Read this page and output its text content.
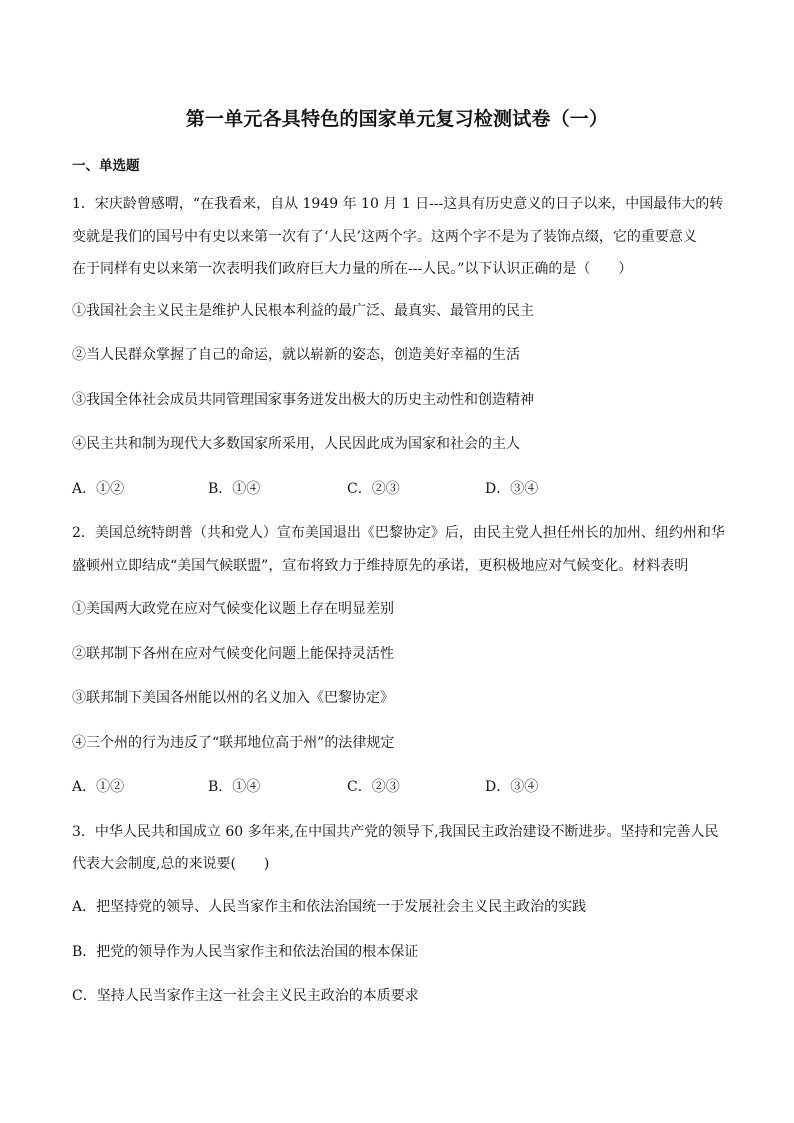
第一单元各具特色的国家单元复习检测试卷（一）
一、单选题
1．宋庆龄曾感喟，“在我看来，自从 1949 年 10 月 1 日---这具有历史意义的日子以来，中国最伟大的转
变就是我们的国号中有史以来第一次有了‘人民’这两个字。这两个字不是为了装饰点缀，它的重要意义
在于同样有史以来第一次表明我们政府巨大力量的所在---人民。”以下认识正确的是（　　）
①我国社会主义民主是维护人民根本利益的最广泛、最真实、最管用的民主
②当人民群众掌握了自己的命运，就以崭新的姿态，创造美好幸福的生活
③我国全体社会成员共同管理国家事务迸发出极大的历史主动性和创造精神
④民主共和制为现代大多数国家所采用，人民因此成为国家和社会的主人
A．①②	B．①④	C．②③	D．③④
2．美国总统特朗普（共和党人）宣布美国退出《巴黎协定》后，由民主党人担任州长的加州、纽约州和华
盛顿州立即结成“美国气候联盟”，宣布将致力于维持原先的承诺，更积极地应对气候变化。材料表明
①美国两大政党在应对气候变化议题上存在明显差别
②联邦制下各州在应对气候变化问题上能保持灵活性
③联邦制下美国各州能以州的名义加入《巴黎协定》
④三个州的行为违反了“联邦地位高于州”的法律规定
A．①②	B．①④	C．②③	D．③④
3．中华人民共和国成立 60 多年来,在中国共产党的领导下,我国民主政治建设不断进步。坚持和完善人民
代表大会制度,总的来说要(　　)
A．把坚持党的领导、人民当家作主和依法治国统一于发展社会主义民主政治的实践
B．把党的领导作为人民当家作主和依法治国的根本保证
C．坚持人民当家作主这一社会主义民主政治的本质要求
